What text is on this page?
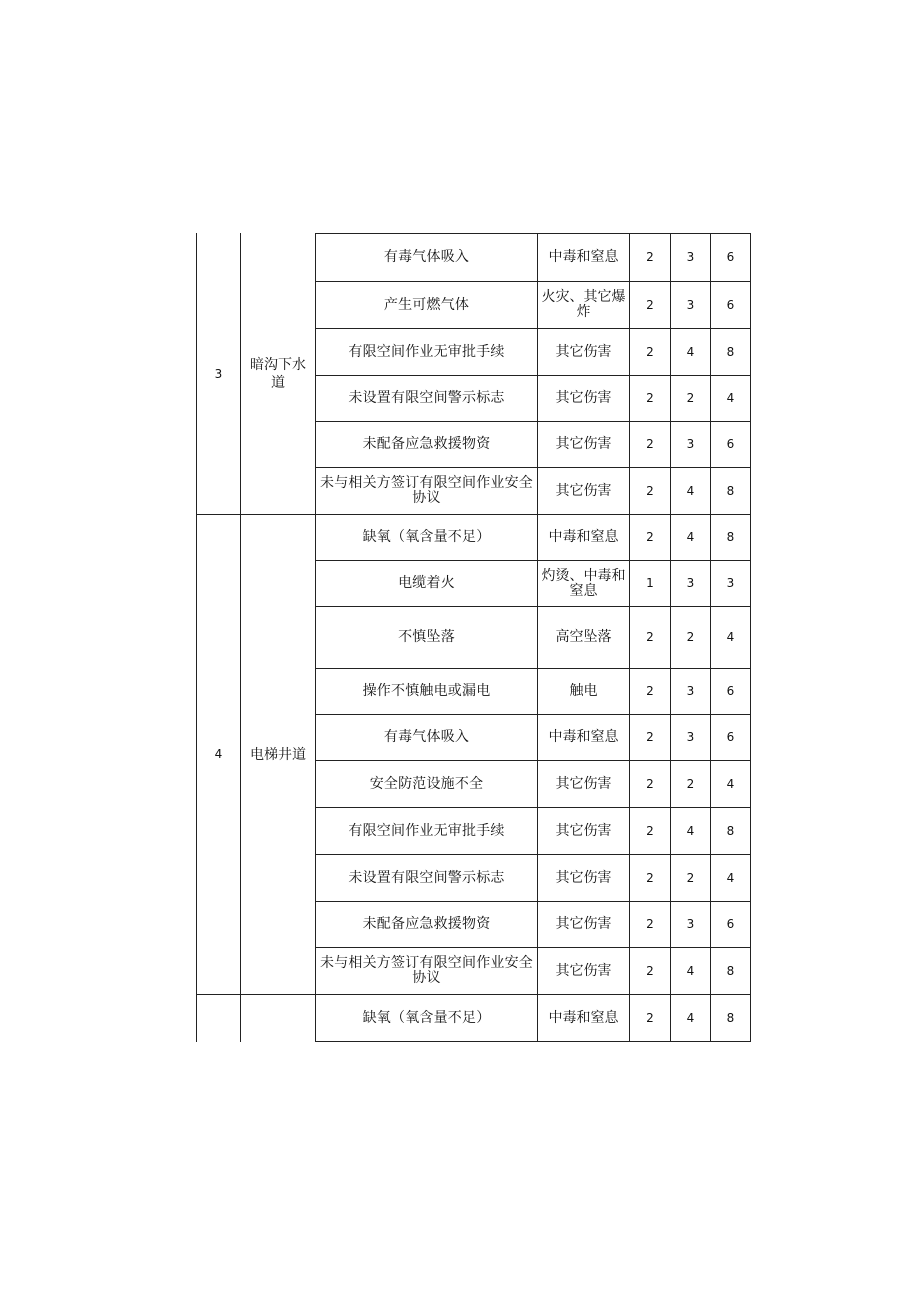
3
暗沟下水道
有毒气体吸入	中毒和窒息	2	3	6
产生可燃气体	火灾、其它爆炸	2	3	6
有限空间作业无审批手续	其它伤害	2	4	8
未设置有限空间警示标志	其它伤害	2	2	4
未配备应急救援物资	其它伤害	2	3	6
未与相关方签订有限空间作业安全协议	其它伤害	2	4	8
4	电梯井道
缺氧（氧含量不足）	中毒和窒息	2	4	8
电缆着火	灼烫、中毒和窒息	1	3	3
不慎坠落	高空坠落	2	2	4
操作不慎触电或漏电	触电	2	3	6
有毒气体吸入	中毒和窒息	2	3	6
安全防范设施不全	其它伤害	2	2	4
有限空间作业无审批手续	其它伤害	2	4	8
未设置有限空间警示标志	其它伤害	2	2	4
未配备应急救援物资	其它伤害	2	3	6
未与相关方签订有限空间作业安全协议	其它伤害	2	4	8
缺氧（氧含量不足）	中毒和窒息	2	4	8
